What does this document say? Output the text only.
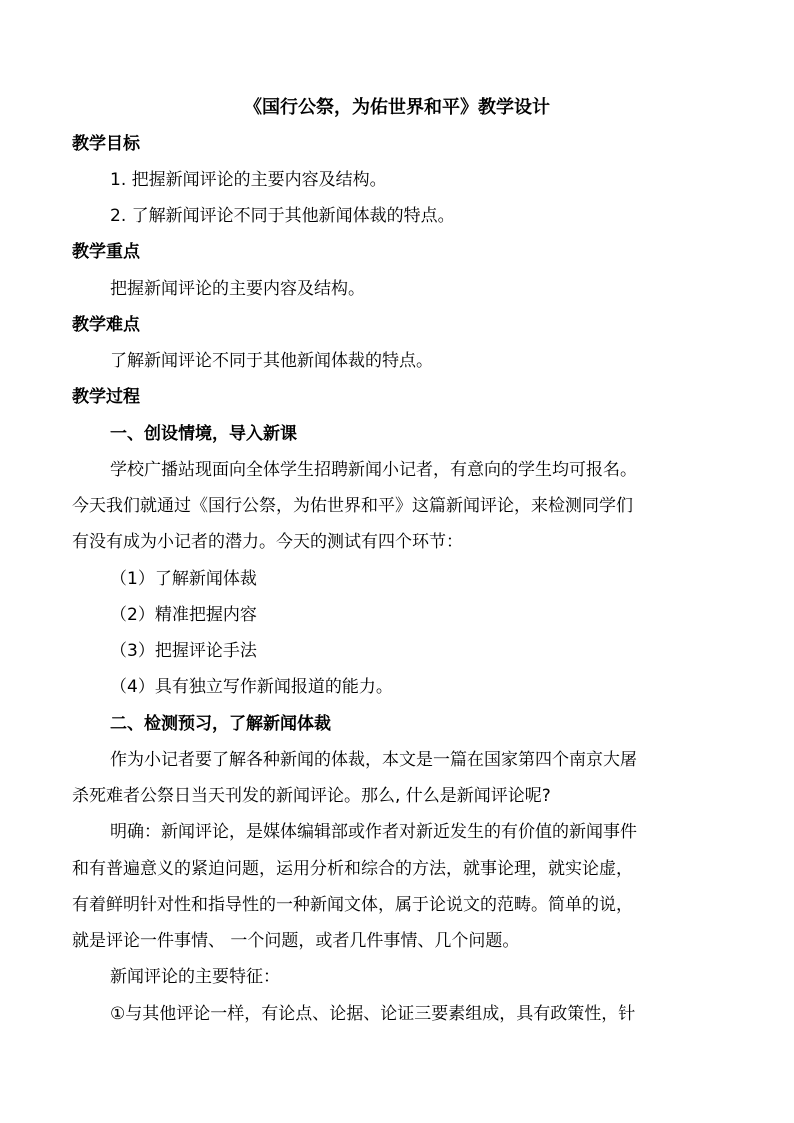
《国行公祭，为佑世界和平》教学设计
教学目标
1. 把握新闻评论的主要内容及结构。
2. 了解新闻评论不同于其他新闻体裁的特点。
教学重点
把握新闻评论的主要内容及结构。
教学难点
了解新闻评论不同于其他新闻体裁的特点。
教学过程
一、创设情境，导入新课
学校广播站现面向全体学生招聘新闻小记者，有意向的学生均可报名。
今天我们就通过《国行公祭，为佑世界和平》这篇新闻评论，来检测同学们
有没有成为小记者的潜力。今天的测试有四个环节：
（1）了解新闻体裁
（2）精准把握内容
（3）把握评论手法
（4）具有独立写作新闻报道的能力。
二、检测预习，了解新闻体裁
作为小记者要了解各种新闻的体裁，本文是一篇在国家第四个南京大屠
杀死难者公祭日当天刊发的新闻评论。那么, 什么是新闻评论呢?
明确：新闻评论，是媒体编辑部或作者对新近发生的有价值的新闻事件
和有普遍意义的紧迫问题，运用分析和综合的方法，就事论理，就实论虚，
有着鲜明针对性和指导性的一种新闻文体，属于论说文的范畴。简单的说，
就是评论一件事情、 一个问题，或者几件事情、几个问题。
新闻评论的主要特征：
①与其他评论一样，有论点、论据、论证三要素组成，具有政策性，针
